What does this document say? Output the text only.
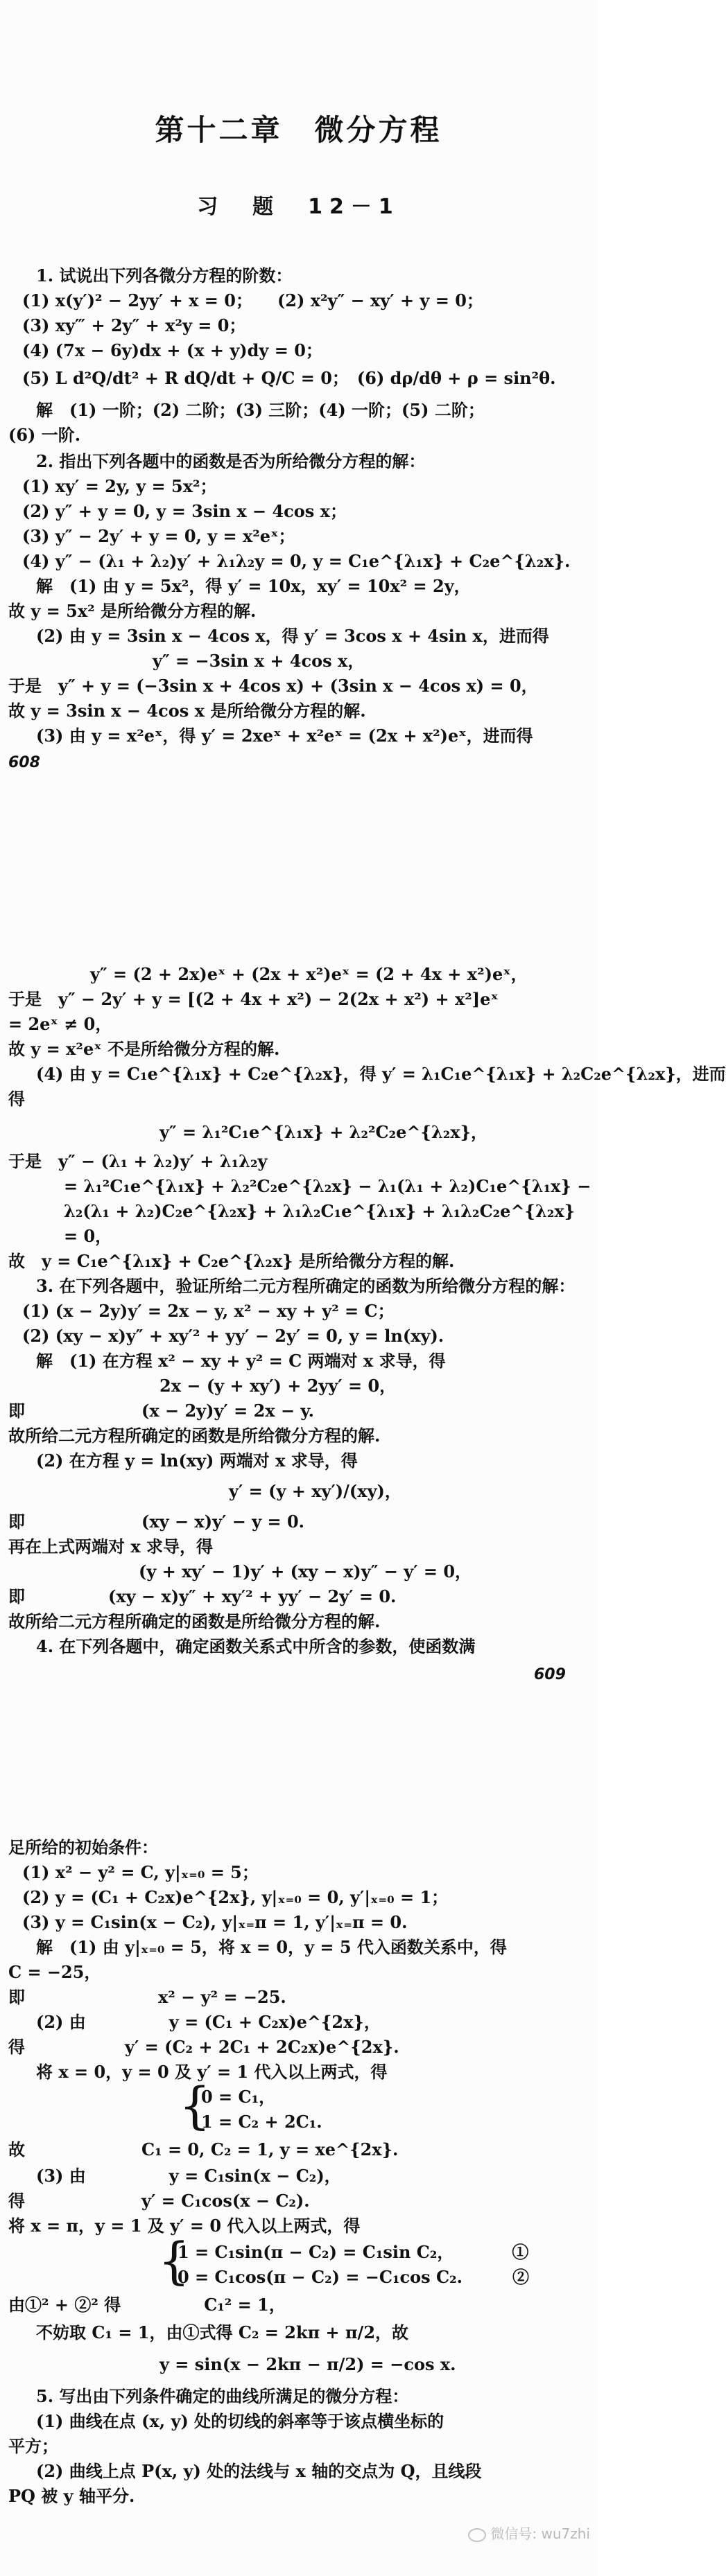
第十二章　微分方程
习　题　12－1
1. 试说出下列各微分方程的阶数：
(1) x(y′)² − 2yy′ + x = 0；　　(2) x²y″ − xy′ + y = 0；
(3) xy‴ + 2y″ + x²y = 0；
(4) (7x − 6y)dx + (x + y)dy = 0；
(5) L d²Q/dt² + R dQ/dt + Q/C = 0；　(6) dρ/dθ + ρ = sin²θ.
解　(1) 一阶；(2) 二阶；(3) 三阶；(4) 一阶；(5) 二阶；
(6) 一阶.
2. 指出下列各题中的函数是否为所给微分方程的解：
(1) xy′ = 2y, y = 5x²；
(2) y″ + y = 0, y = 3sin x − 4cos x；
(3) y″ − 2y′ + y = 0, y = x²eˣ；
(4) y″ − (λ₁ + λ₂)y′ + λ₁λ₂y = 0, y = C₁e^{λ₁x} + C₂e^{λ₂x}.
解　(1) 由 y = 5x²，得 y′ = 10x，xy′ = 10x² = 2y，
故 y = 5x² 是所给微分方程的解.
(2) 由 y = 3sin x − 4cos x，得 y′ = 3cos x + 4sin x，进而得
y″ = −3sin x + 4cos x，
于是　y″ + y = (−3sin x + 4cos x) + (3sin x − 4cos x) = 0，
故 y = 3sin x − 4cos x 是所给微分方程的解.
(3) 由 y = x²eˣ，得 y′ = 2xeˣ + x²eˣ = (2x + x²)eˣ，进而得
608
y″ = (2 + 2x)eˣ + (2x + x²)eˣ = (2 + 4x + x²)eˣ，
于是　y″ − 2y′ + y = [(2 + 4x + x²) − 2(2x + x²) + x²]eˣ
= 2eˣ ≠ 0，
故 y = x²eˣ 不是所给微分方程的解.
(4) 由 y = C₁e^{λ₁x} + C₂e^{λ₂x}，得 y′ = λ₁C₁e^{λ₁x} + λ₂C₂e^{λ₂x}，进而
得
y″ = λ₁²C₁e^{λ₁x} + λ₂²C₂e^{λ₂x}，
于是　y″ − (λ₁ + λ₂)y′ + λ₁λ₂y
= λ₁²C₁e^{λ₁x} + λ₂²C₂e^{λ₂x} − λ₁(λ₁ + λ₂)C₁e^{λ₁x} −
λ₂(λ₁ + λ₂)C₂e^{λ₂x} + λ₁λ₂C₁e^{λ₁x} + λ₁λ₂C₂e^{λ₂x}
= 0，
故　y = C₁e^{λ₁x} + C₂e^{λ₂x} 是所给微分方程的解.
3. 在下列各题中，验证所给二元方程所确定的函数为所给微分方程的解：
(1) (x − 2y)y′ = 2x − y, x² − xy + y² = C；
(2) (xy − x)y″ + xy′² + yy′ − 2y′ = 0, y = ln(xy).
解　(1) 在方程 x² − xy + y² = C 两端对 x 求导，得
2x − (y + xy′) + 2yy′ = 0，
即　　　　　　　(x − 2y)y′ = 2x − y.
故所给二元方程所确定的函数是所给微分方程的解.
(2) 在方程 y = ln(xy) 两端对 x 求导，得
y′ = (y + xy′)/(xy)，
即　　　　　　　(xy − x)y′ − y = 0.
再在上式两端对 x 求导，得
(y + xy′ − 1)y′ + (xy − x)y″ − y′ = 0，
即　　　　　(xy − x)y″ + xy′² + yy′ − 2y′ = 0.
故所给二元方程所确定的函数是所给微分方程的解.
4. 在下列各题中，确定函数关系式中所含的参数，使函数满
609
足所给的初始条件：
(1) x² − y² = C, y|ₓ₌₀ = 5；
(2) y = (C₁ + C₂x)e^{2x}, y|ₓ₌₀ = 0, y′|ₓ₌₀ = 1；
(3) y = C₁sin(x − C₂), y|ₓ₌π = 1, y′|ₓ₌π = 0.
解　(1) 由 y|ₓ₌₀ = 5，将 x = 0，y = 5 代入函数关系中，得
C = −25，
即　　　　　　　　x² − y² = −25.
(2) 由　　　　　y = (C₁ + C₂x)e^{2x}，
得　　　　　　y′ = (C₂ + 2C₁ + 2C₂x)e^{2x}.
将 x = 0，y = 0 及 y′ = 1 代入以上两式，得
{
0 = C₁，
1 = C₂ + 2C₁.
故　　　　　　　C₁ = 0, C₂ = 1, y = xe^{2x}.
(3) 由　　　　　y = C₁sin(x − C₂)，
得　　　　　　　y′ = C₁cos(x − C₂).
将 x = π，y = 1 及 y′ = 0 代入以上两式，得
{
1 = C₁sin(π − C₂) = C₁sin C₂，　　　　①
0 = C₁cos(π − C₂) = −C₁cos C₂.　　　②
由①² + ②² 得　　　　　C₁² = 1，
不妨取 C₁ = 1，由①式得 C₂ = 2kπ + π/2，故
y = sin(x − 2kπ − π/2) = −cos x.
5. 写出由下列条件确定的曲线所满足的微分方程：
(1) 曲线在点 (x, y) 处的切线的斜率等于该点横坐标的
平方；
(2) 曲线上点 P(x, y) 处的法线与 x 轴的交点为 Q，且线段
PQ 被 y 轴平分.
微信号: wu7zhi
